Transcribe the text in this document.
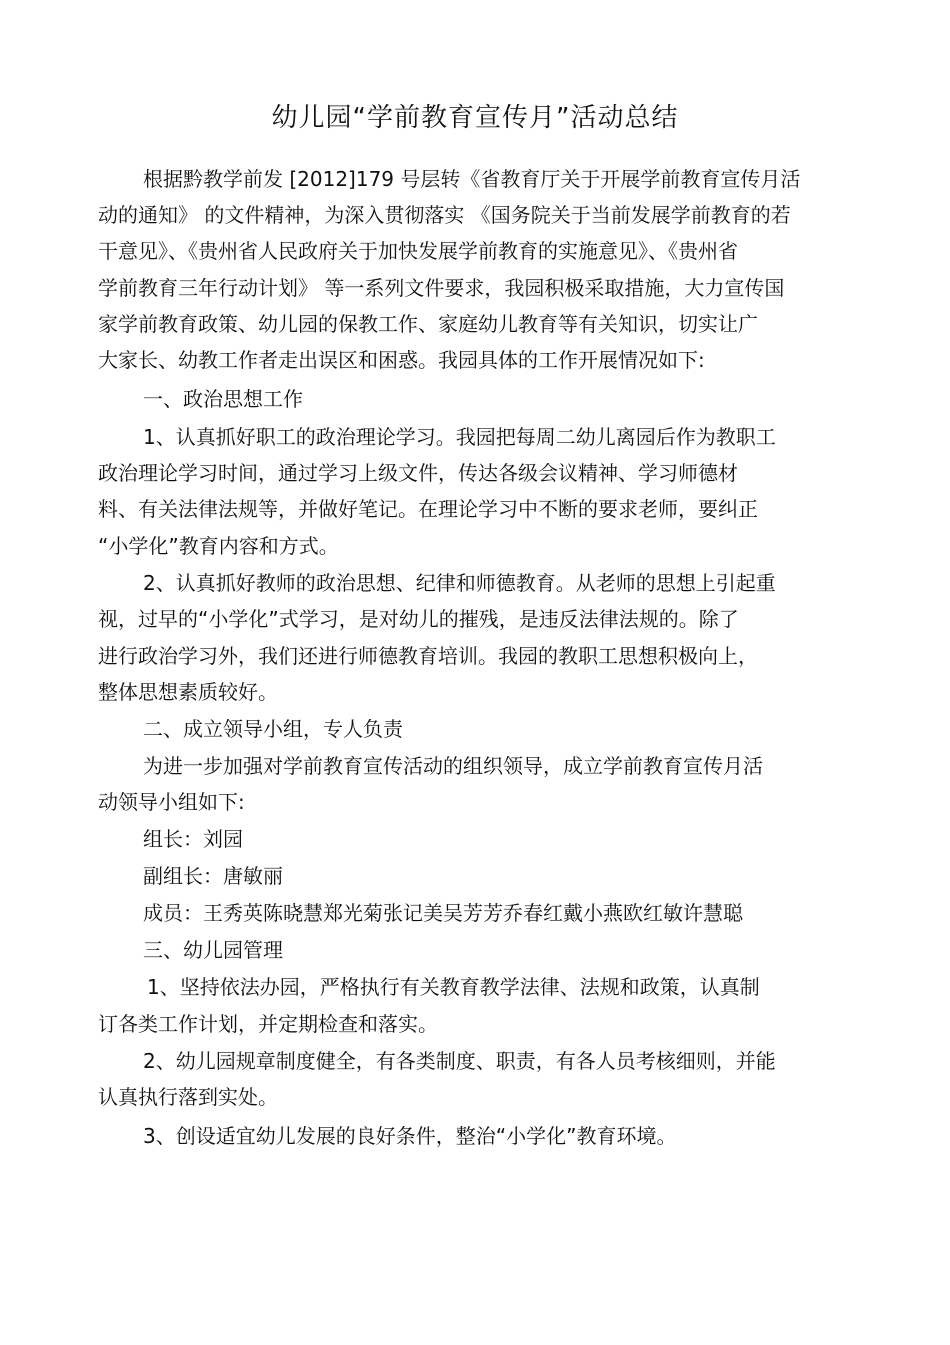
幼儿园“学前教育宣传月”活动总结

根据黔教学前发 [2012]179 号层转《省教育厅关于开展学前教育宣传月活

动的通知》 的文件精神，为深入贯彻落实 《国务院关于当前发展学前教育的若

干意见》、《贵州省人民政府关于加快发展学前教育的实施意见》、《贵州省

学前教育三年行动计划》 等一系列文件要求，我园积极采取措施，大力宣传国

家学前教育政策、幼儿园的保教工作、家庭幼儿教育等有关知识，切实让广

大家长、幼教工作者走出误区和困惑。我园具体的工作开展情况如下:

一、政治思想工作

1、认真抓好职工的政治理论学习。我园把每周二幼儿离园后作为教职工

政治理论学习时间，通过学习上级文件，传达各级会议精神、学习师德材

料、有关法律法规等，并做好笔记。在理论学习中不断的要求老师，要纠正

“小学化”教育内容和方式。

2、认真抓好教师的政治思想、纪律和师德教育。从老师的思想上引起重

视，过早的“小学化”式学习，是对幼儿的摧残，是违反法律法规的。除了

进行政治学习外，我们还进行师德教育培训。我园的教职工思想积极向上，

整体思想素质较好。

二、成立领导小组，专人负责

为进一步加强对学前教育宣传活动的组织领导，成立学前教育宣传月活

动领导小组如下:

组长：刘园

副组长：唐敏丽

成员：王秀英陈晓慧郑光菊张记美吴芳芳乔春红戴小燕欧红敏许慧聪

三、幼儿园管理

1、坚持依法办园，严格执行有关教育教学法律、法规和政策，认真制

订各类工作计划，并定期检查和落实。

2、幼儿园规章制度健全，有各类制度、职责，有各人员考核细则，并能

认真执行落到实处。

3、创设适宜幼儿发展的良好条件，整治“小学化”教育环境。
